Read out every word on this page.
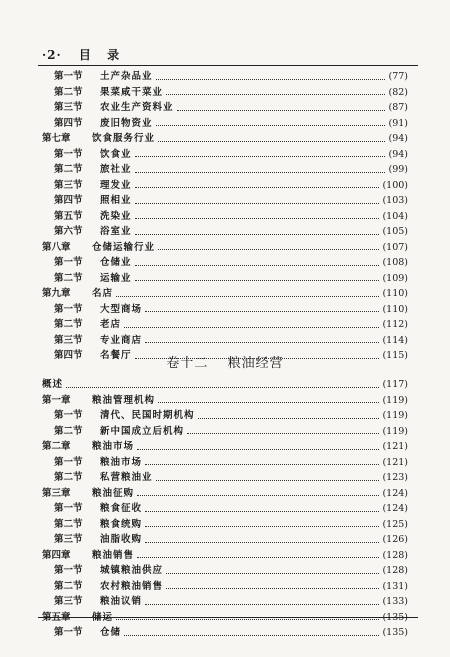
·2· 目 录
第一节	土产杂品业	(77)
第二节	果菜咸干菜业	(82)
第三节	农业生产资料业	(87)
第四节	废旧物资业	(91)
第七章	饮食服务行业	(94)
第一节	饮食业	(94)
第二节	旅社业	(99)
第三节	理发业	(100)
第四节	照相业	(103)
第五节	洗染业	(104)
第六节	浴室业	(105)
第八章	仓储运输行业	(107)
第一节	仓储业	(108)
第二节	运输业	(109)
第九章	名店	(110)
第一节	大型商场	(110)
第二节	老店	(112)
第三节	专业商店	(114)
第四节	名餐厅	(115)
卷十二 粮油经营
概述	(117)
第一章	粮油管理机构	(119)
第一节	清代、民国时期机构	(119)
第二节	新中国成立后机构	(119)
第二章	粮油市场	(121)
第一节	粮油市场	(121)
第二节	私营粮油业	(123)
第三章	粮油征购	(124)
第一节	粮食征收	(124)
第二节	粮食统购	(125)
第三节	油脂收购	(126)
第四章	粮油销售	(128)
第一节	城镇粮油供应	(128)
第二节	农村粮油销售	(131)
第三节	粮油议销	(133)
第五章	储运	(135)
第一节	仓储	(135)
